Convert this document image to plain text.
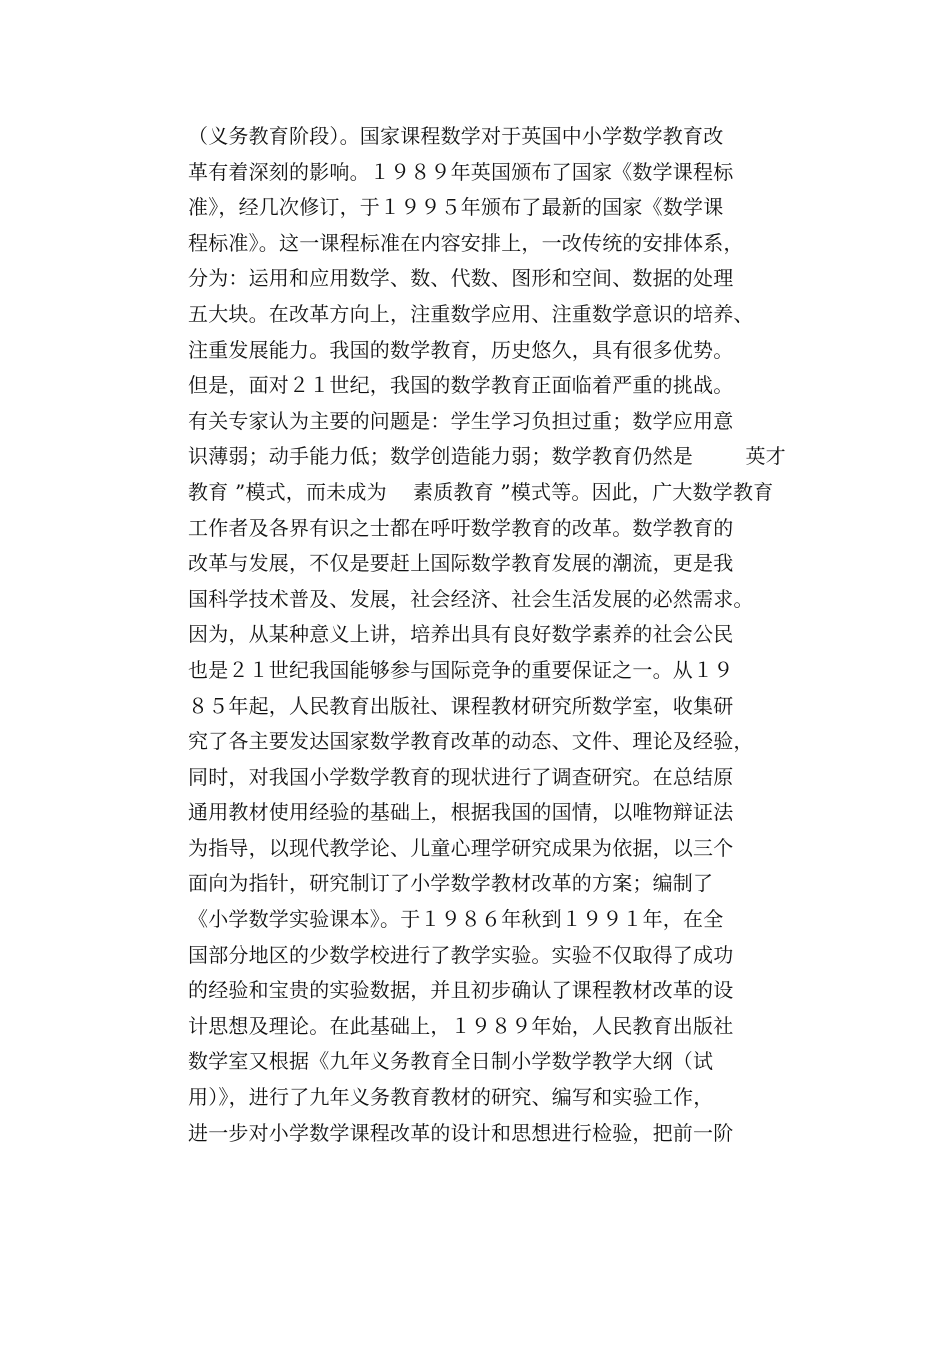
（义务教育阶段）。国家课程数学对于英国中小学数学教育改
革有着深刻的影响。１９８９年英国颁布了国家《数学课程标
准》，经几次修订，于１９９５年颁布了最新的国家《数学课
程标准》。这一课程标准在内容安排上，一改传统的安排体系，
分为：运用和应用数学、数、代数、图形和空间、数据的处理
五大块。在改革方向上，注重数学应用、注重数学意识的培养、
注重发展能力。我国的数学教育，历史悠久，具有很多优势。
但是，面对２１世纪，我国的数学教育正面临着严重的挑战。
有关专家认为主要的问题是：学生学习负担过重；数学应用意
识薄弱；动手能力低；数学创造能力弱；数学教育仍然是        英才
教育 ”模式，而未成为    素质教育 ”模式等。因此，广大数学教育
工作者及各界有识之士都在呼吁数学教育的改革。数学教育的
改革与发展，不仅是要赶上国际数学教育发展的潮流，更是我
国科学技术普及、发展，社会经济、社会生活发展的必然需求。
因为，从某种意义上讲，培养出具有良好数学素养的社会公民
也是２１世纪我国能够参与国际竞争的重要保证之一。从１９
８５年起，人民教育出版社、课程教材研究所数学室，收集研
究了各主要发达国家数学教育改革的动态、文件、理论及经验，
同时，对我国小学数学教育的现状进行了调查研究。在总结原
通用教材使用经验的基础上，根据我国的国情，以唯物辩证法
为指导，以现代教学论、儿童心理学研究成果为依据，以三个
面向为指针，研究制订了小学数学教材改革的方案；编制了
《小学数学实验课本》。于１９８６年秋到１９９１年，在全
国部分地区的少数学校进行了教学实验。实验不仅取得了成功
的经验和宝贵的实验数据，并且初步确认了课程教材改革的设
计思想及理论。在此基础上，１９８９年始，人民教育出版社
数学室又根据《九年义务教育全日制小学数学教学大纲（试
用）》，进行了九年义务教育教材的研究、编写和实验工作，
进一步对小学数学课程改革的设计和思想进行检验，把前一阶
